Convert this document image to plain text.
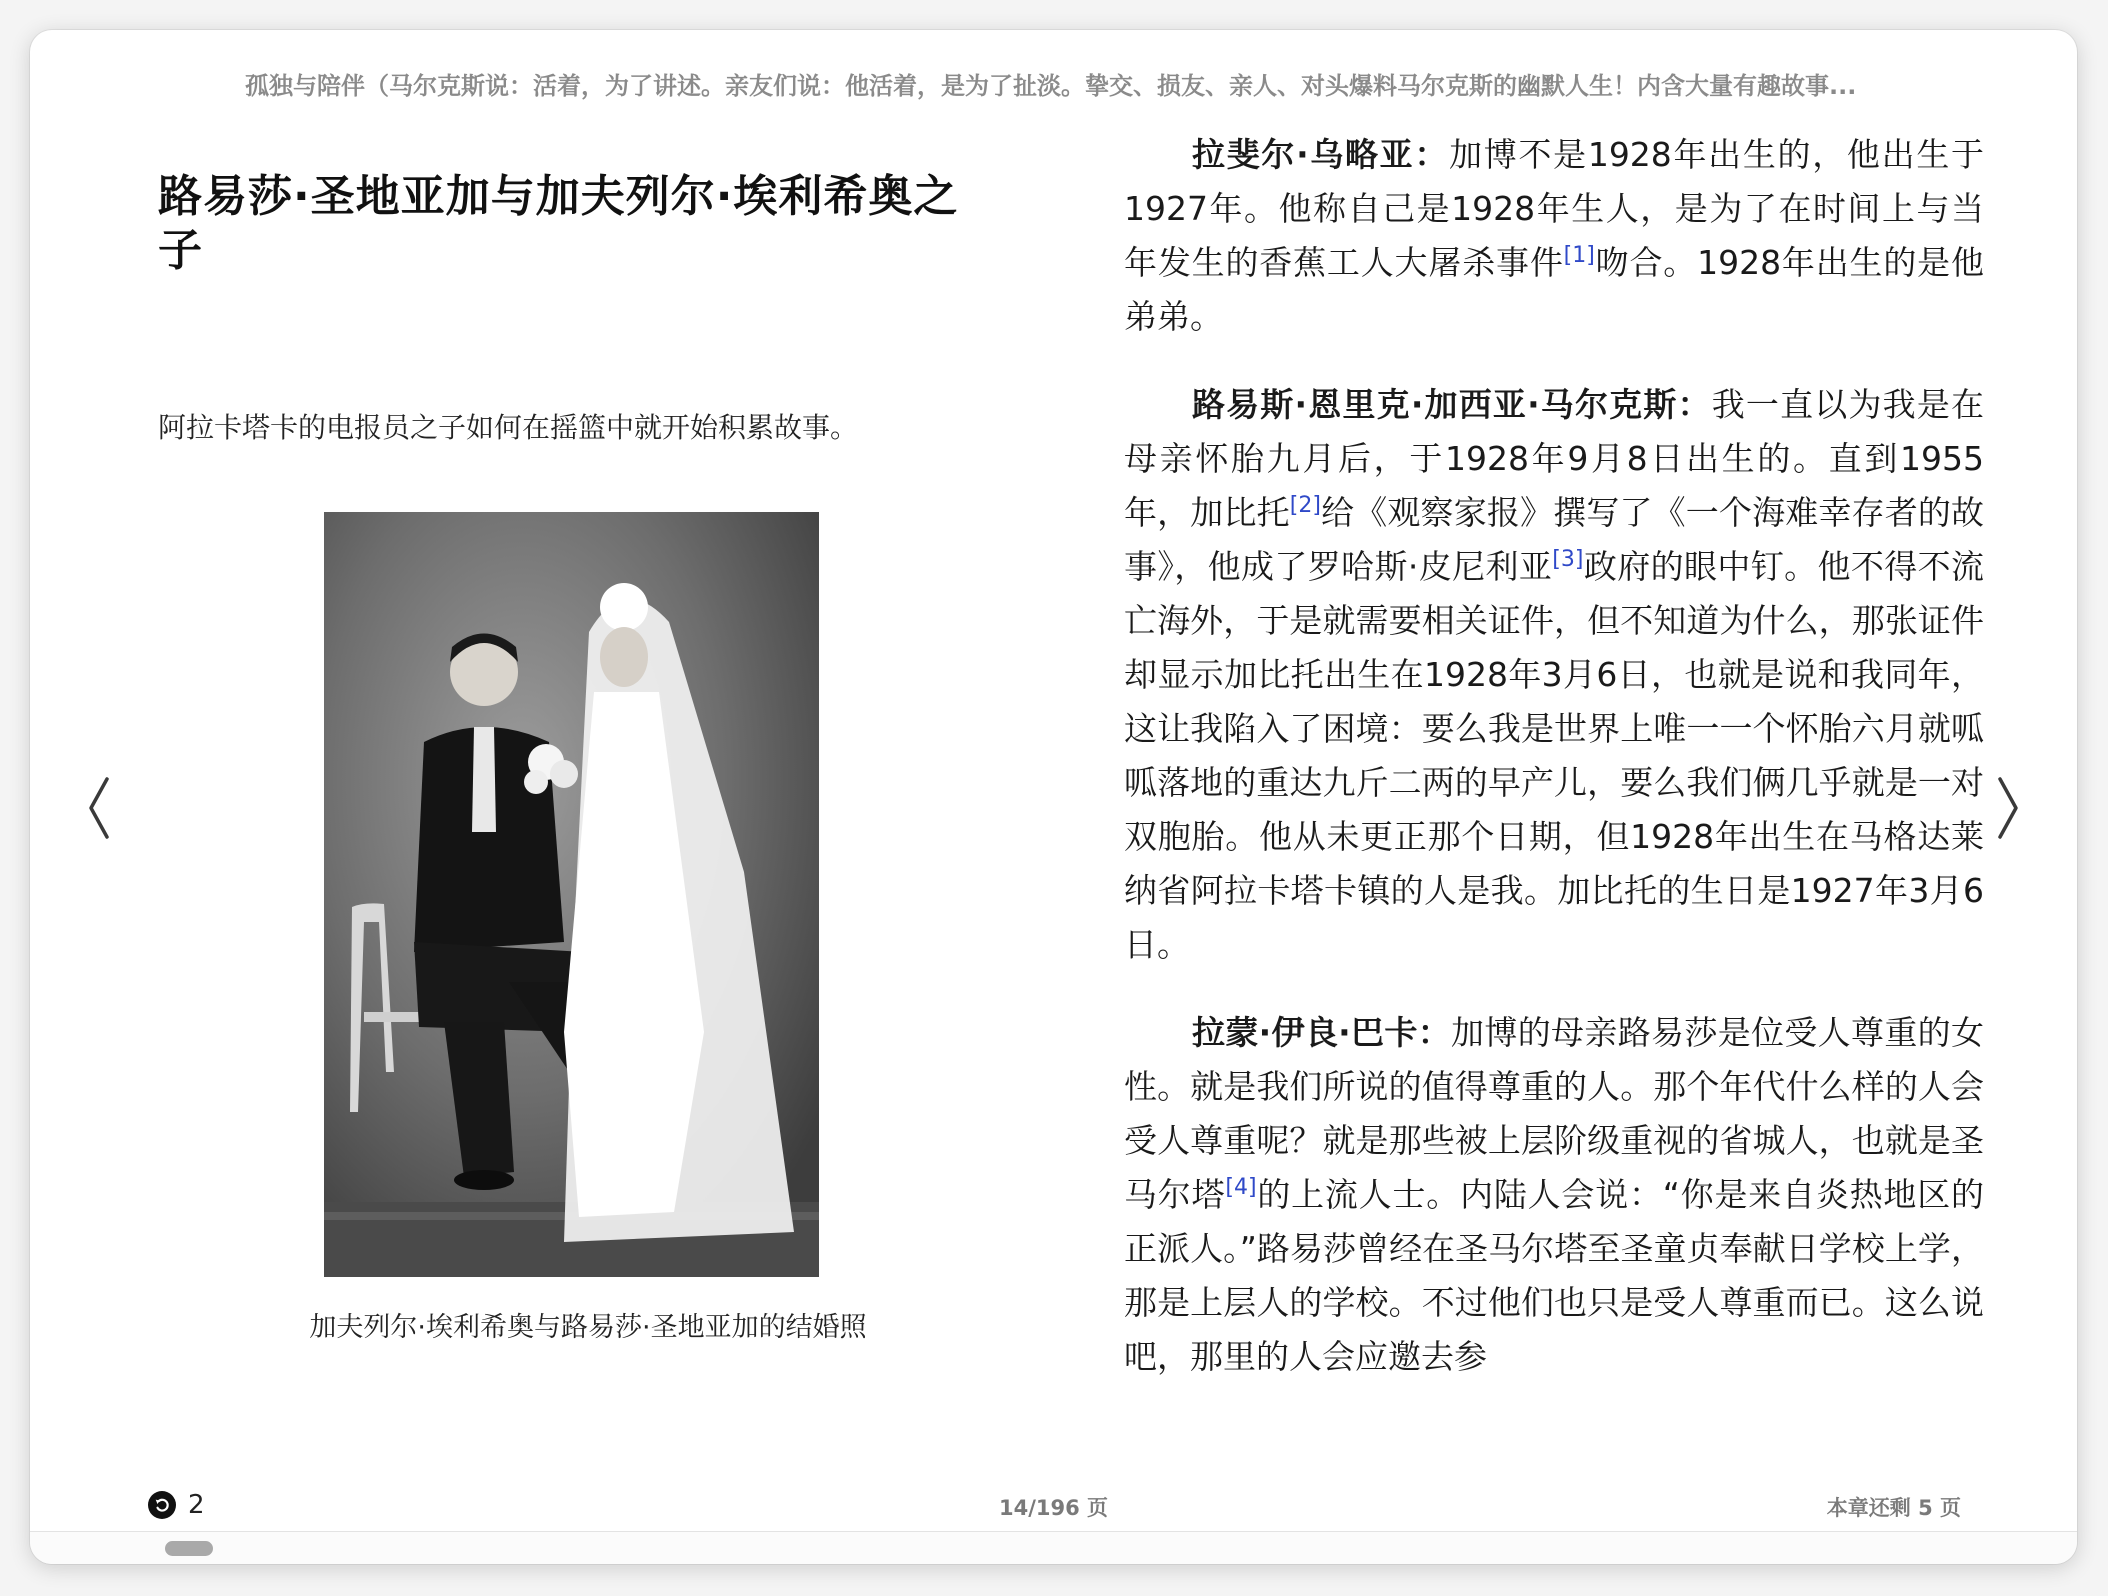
孤独与陪伴（马尔克斯说：活着，为了讲述。亲友们说：他活着，是为了扯淡。挚交、损友、亲人、对头爆料马尔克斯的幽默人生！内含大量有趣故事...
路易莎·圣地亚加与加夫列尔·埃利希奥之子
阿拉卡塔卡的电报员之子如何在摇篮中就开始积累故事。
加夫列尔·埃利希奥与路易莎·圣地亚加的结婚照

拉斐尔·乌略亚：加博不是1928年出生的，他出生于1927年。他称自己是1928年生人，是为了在时间上与当年发生的香蕉工人大屠杀事件[1]吻合。1928年出生的是他弟弟。

路易斯·恩里克·加西亚·马尔克斯：我一直以为我是在母亲怀胎九月后，于1928年9月8日出生的。直到1955年，加比托[2]给《观察家报》撰写了《一个海难幸存者的故事》，他成了罗哈斯·皮尼利亚[3]政府的眼中钉。他不得不流亡海外，于是就需要相关证件，但不知道为什么，那张证件却显示加比托出生在1928年3月6日，也就是说和我同年，这让我陷入了困境：要么我是世界上唯一一个怀胎六月就呱呱落地的重达九斤二两的早产儿，要么我们俩几乎就是一对双胞胎。他从未更正那个日期，但1928年出生在马格达莱纳省阿拉卡塔卡镇的人是我。加比托的生日是1927年3月6日。

拉蒙·伊良·巴卡：加博的母亲路易莎是位受人尊重的女性。就是我们所说的值得尊重的人。那个年代什么样的人会受人尊重呢？就是那些被上层阶级重视的省城人，也就是圣马尔塔[4]的上流人士。内陆人会说：“你是来自炎热地区的正派人。”路易莎曾经在圣马尔塔至圣童贞奉献日学校上学，那是上层人的学校。不过他们也只是受人尊重而已。这么说吧，那里的人会应邀去参

2	14/196 页	本章还剩 5 页
